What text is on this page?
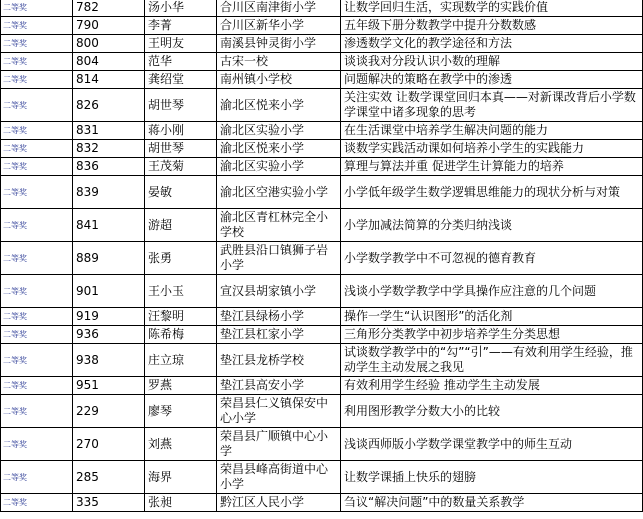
二等奖	782	汤小华	合川区南津街小学	让数学回归生活，实现数学的实践价值
二等奖	790	李菁	合川区新华小学	五年级下册分数教学中提升分数数感
二等奖	800	王明友	南溪县钟灵街小学	渗透数学文化的教学途径和方法
二等奖	804	范华	古宋一校	谈谈我对分段认识小数的理解
二等奖	814	龚绍堂	南州镇小学校	问题解决的策略在教学中的渗透
二等奖	826	胡世琴	渝北区悦来小学	关注实效 让数学课堂回归本真——对新课改背后小学数学课堂中诸多现象的思考
二等奖	831	蒋小刚	渝北区实验小学	在生活课堂中培养学生解决问题的能力
二等奖	832	胡世琴	渝北区悦来小学	谈数学实践活动课如何培养小学生的实践能力
二等奖	836	王茂菊	渝北区实验小学	算理与算法并重 促进学生计算能力的培养
二等奖	839	晏敏	渝北区空港实验小学	小学低年级学生数学逻辑思维能力的现状分析与对策
二等奖	841	游超	渝北区青杠林完全小学校	小学加减法简算的分类归纳浅谈
二等奖	889	张勇	武胜县沿口镇狮子岩小学	小学数学教学中不可忽视的德育教育
二等奖	901	王小玉	宣汉县胡家镇小学	浅谈小学数学教学中学具操作应注意的几个问题
二等奖	919	汪黎明	垫江县绿杨小学	操作一学生“认识图形”的活化剂
二等奖	936	陈希梅	垫江县杠家小学	三角形分类教学中初步培养学生分类思想
二等奖	938	庄立琼	垫江县龙桥学校	试谈数学教学中的“勾”“引”——有效利用学生经验，推动学生主动发展之我见
二等奖	951	罗燕	垫江县高安小学	有效利用学生经验 推动学生主动发展
二等奖	229	廖琴	荣昌县仁义镇保安中心小学	利用图形教学分数大小的比较
二等奖	270	刘燕	荣昌县广顺镇中心小学	浅谈西师版小学数学课堂教学中的师生互动
二等奖	285	海界	荣昌县峰高街道中心小学	让数学课插上快乐的翅膀
二等奖	335	张昶	黔江区人民小学	刍议“解决问题”中的数量关系教学
